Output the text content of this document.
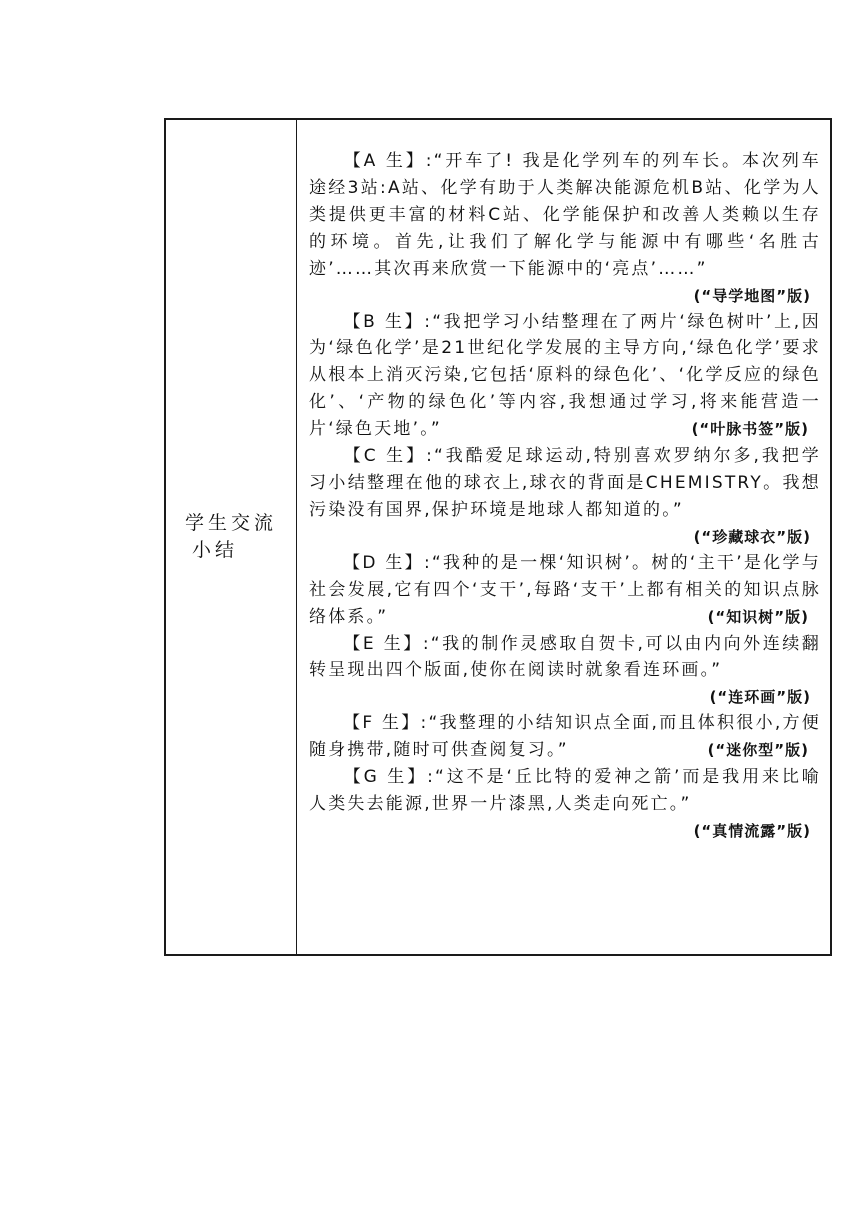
学生交流
小结
【A 生】:“开车了! 我是化学列车的列车长。本次列车途经3站:A站、化学有助于人类解决能源危机B站、化学为人类提供更丰富的材料C站、化学能保护和改善人类赖以生存的环境。首先,让我们了解化学与能源中有哪些‘名胜古迹’……其次再来欣赏一下能源中的‘亮点’……”
(“导学地图”版)
【B 生】:“我把学习小结整理在了两片‘绿色树叶’上,因为‘绿色化学’是21世纪化学发展的主导方向,‘绿色化学’要求从根本上消灭污染,它包括‘原料的绿色化’、‘化学反应的绿色化’、‘产物的绿色化’等内容,我想通过学习,将来能营造一片‘绿色天地’。”	(“叶脉书签”版)
【C 生】:“我酷爱足球运动,特别喜欢罗纳尔多,我把学习小结整理在他的球衣上,球衣的背面是CHEMISTRY。我想污染没有国界,保护环境是地球人都知道的。”
(“珍藏球衣”版)
【D 生】:“我种的是一棵‘知识树’。树的‘主干’是化学与社会发展,它有四个‘支干’,每路‘支干’上都有相关的知识点脉络体系。”	(“知识树”版)
【E 生】:“我的制作灵感取自贺卡,可以由内向外连续翻转呈现出四个版面,使你在阅读时就象看连环画。”
(“连环画”版)
【F 生】:“我整理的小结知识点全面,而且体积很小,方便随身携带,随时可供查阅复习。”	(“迷你型”版)
【G 生】:“这不是‘丘比特的爱神之箭’而是我用来比喻人类失去能源,世界一片漆黑,人类走向死亡。”
(“真情流露”版)
